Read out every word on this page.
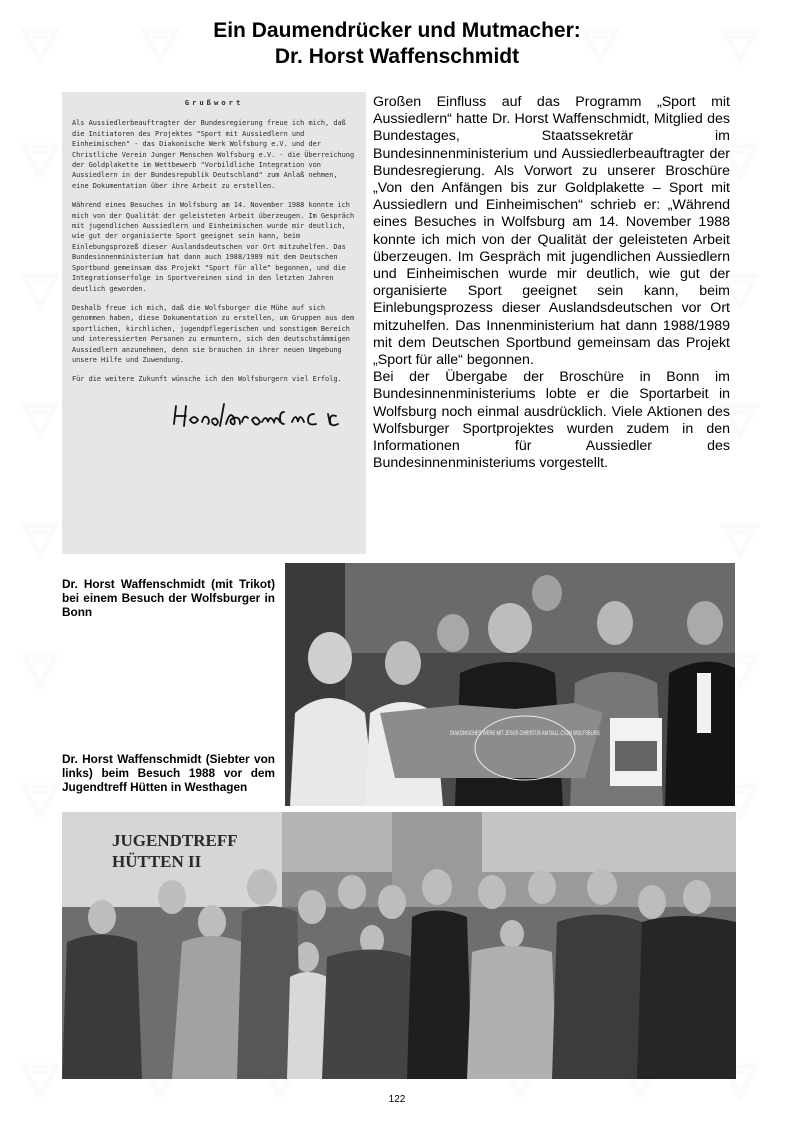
Ein Daumendrücker und Mutmacher:
Dr. Horst Waffenschmidt
Grußwort

Als Aussiedlerbeauftragter der Bundesregierung freue ich mich, daß die Initiatoren des Projektes "Sport mit Aussiedlern und Einheimischen" - das Diakonische Werk Wolfsburg e.V. und der Christliche Verein Junger Menschen Wolfsburg e.V. - die Überreichung der Goldplakette im Wettbewerb "Vorbildliche Integration von Aussiedlern in der Bundesrepublik Deutschland" zum Anlaß nehmen, eine Dokumentation über ihre Arbeit zu erstellen.

Während eines Besuches in Wolfsburg am 14. November 1988 konnte ich mich von der Qualität der geleisteten Arbeit überzeugen. Im Gespräch mit jugendlichen Aussiedlern und Einheimischen wurde mir deutlich, wie gut der organisierte Sport geeignet sein kann, beim Einlebungsprozeß dieser Auslandsdeutschen vor Ort mitzuhelfen. Das Bundesinnenministerium hat dann auch 1988/1989 mit dem Deutschen Sportbund gemeinsam das Projekt "Sport für alle" begonnen, und die Integrationserfolge in Sportvereinen sind in den letzten Jahren deutlich geworden.

Deshalb freue ich mich, daß die Wolfsburger die Mühe auf sich genommen haben, diese Dokumentation zu erstellen, um Gruppen aus dem sportlichen, kirchlichen, jugendpflegerischen und sonstigem Bereich und interessierten Personen zu ermuntern, sich den deutschstämmigen Aussiedlern anzunehmen, denn sie brauchen in ihrer neuen Umgebung unsere Hilfe und Zuwendung.

Für die weitere Zukunft wünsche ich den Wolfsburgern viel Erfolg.

Großen Einfluss auf das Programm „Sport mit Aussiedlern“ hatte Dr. Horst Waffenschmidt, Mitglied des Bundestages, Staatssekretär im Bundesinnenministerium und Aussiedlerbeauftragter der Bundesregierung. Als Vorwort zu unserer Broschüre „Von den Anfängen bis zur Goldplakette – Sport mit Aussiedlern und Einheimischen“ schrieb er: „Während eines Besuches in Wolfsburg am 14. November 1988 konnte ich mich von der Qualität der geleisteten Arbeit überzeugen. Im Gespräch mit jugendlichen Aussiedlern und Einheimischen wurde mir deutlich, wie gut der organisierte Sport geeignet sein kann, beim Einlebungsprozess dieser Auslandsdeutschen vor Ort mitzuhelfen. Das Innenministerium hat dann 1988/1989 mit dem Deutschen Sportbund gemeinsam das Projekt „Sport für alle“ begonnen.

Bei der Übergabe der Broschüre in Bonn im Bundesinnenministeriums lobte er die Sportarbeit in Wolfsburg noch einmal ausdrücklich. Viele Aktionen des Wolfsburger Sportprojektes wurden zudem in den Informationen für Aussiedler des Bundesinnenministeriums vorgestellt.

Dr. Horst Waffenschmidt (mit Trikot) bei einem Besuch der Wolfsburger in Bonn
Dr. Horst Waffenschmidt (Siebter von links) beim Besuch 1988 vor dem Jugendtreff Hütten in Westhagen
DIAKONISCHES WERK MIT JESUS CHRISTUS AM BALL CVJM WOLFSBURG
JUGENDTREFF
HÜTTEN II
122
